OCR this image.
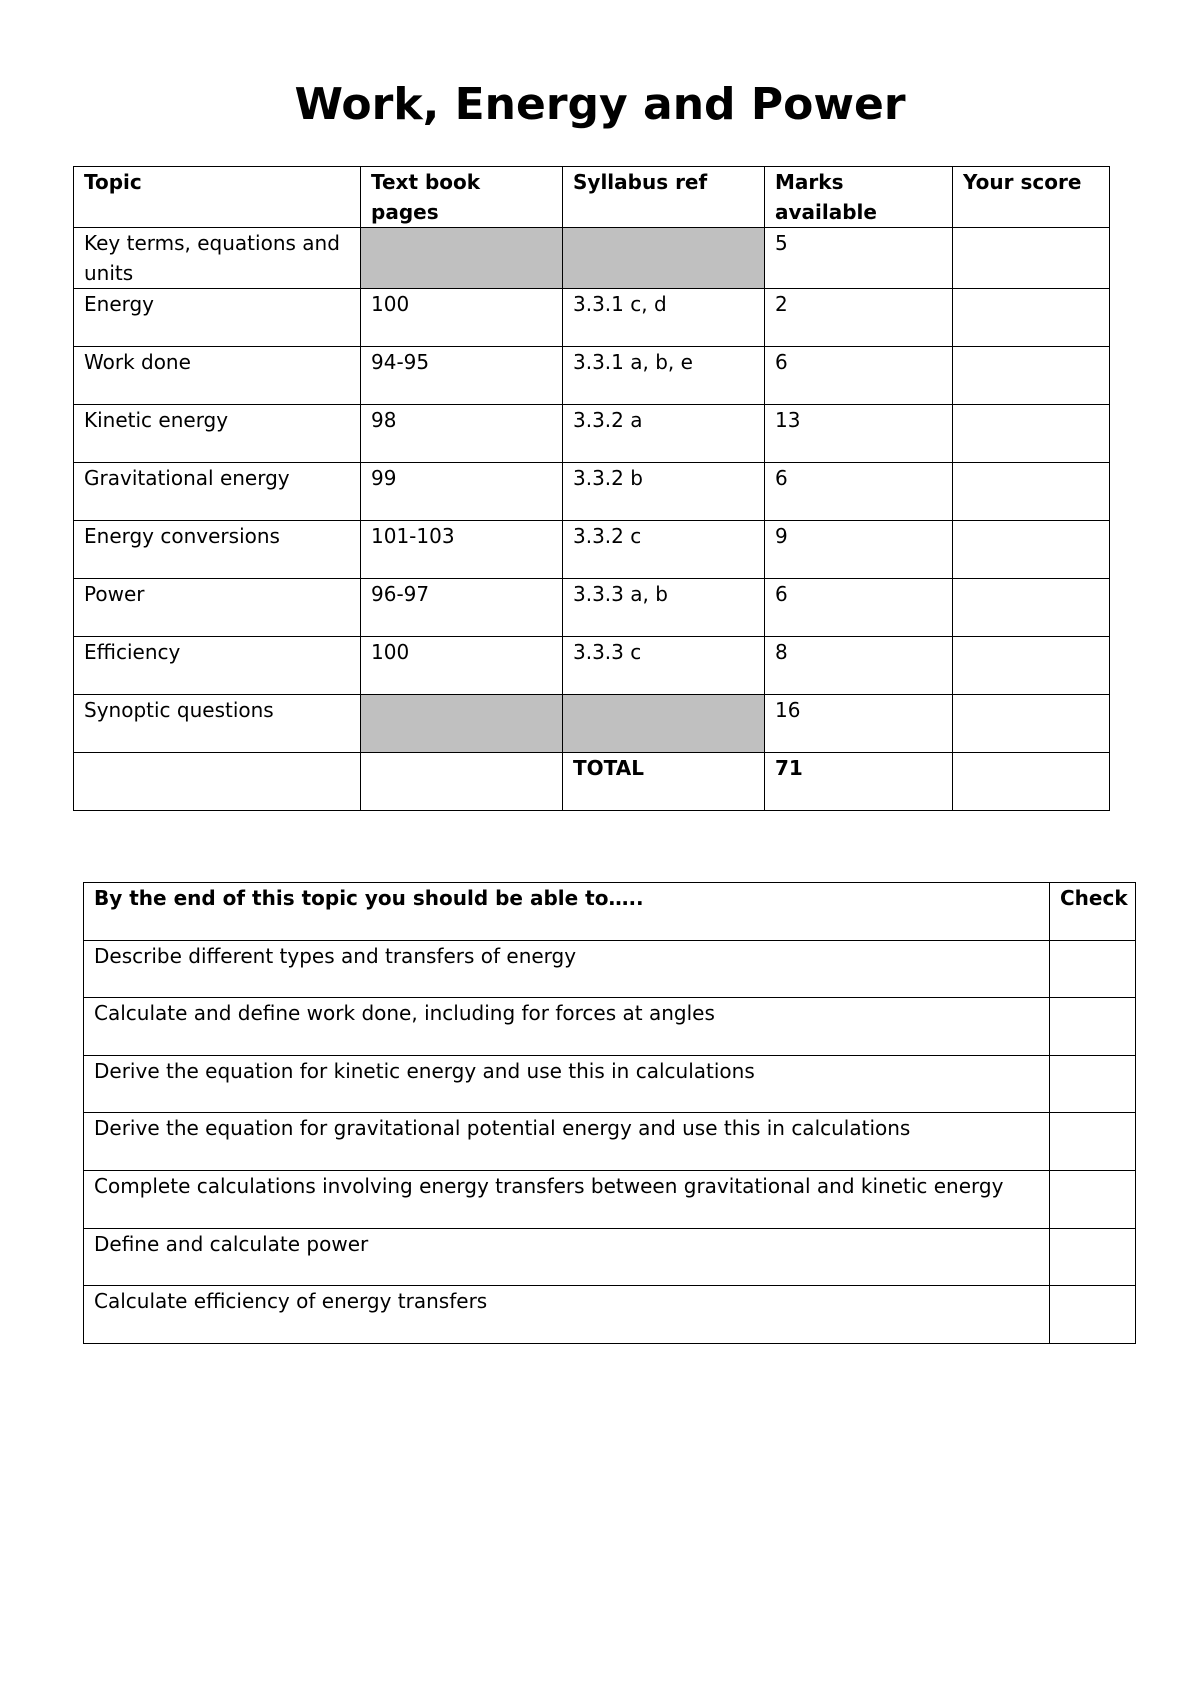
Work, Energy and Power
Topic	Text book pages	Syllabus ref	Marks available	Your score
Key terms, equations and units			5	
Energy	100	3.3.1 c, d	2	
Work done	94-95	3.3.1 a, b, e	6	
Kinetic energy	98	3.3.2 a	13	
Gravitational energy	99	3.3.2 b	6	
Energy conversions	101-103	3.3.2 c	9	
Power	96-97	3.3.3 a, b	6	
Efficiency	100	3.3.3 c	8	
Synoptic questions			16	
		TOTAL	71	
By the end of this topic you should be able to…..	Check
Describe different types and transfers of energy	
Calculate and define work done, including for forces at angles	
Derive the equation for kinetic energy and use this in calculations	
Derive the equation for gravitational potential energy and use this in calculations	
Complete calculations involving energy transfers between gravitational and kinetic energy	
Define and calculate power	
Calculate efficiency of energy transfers	
